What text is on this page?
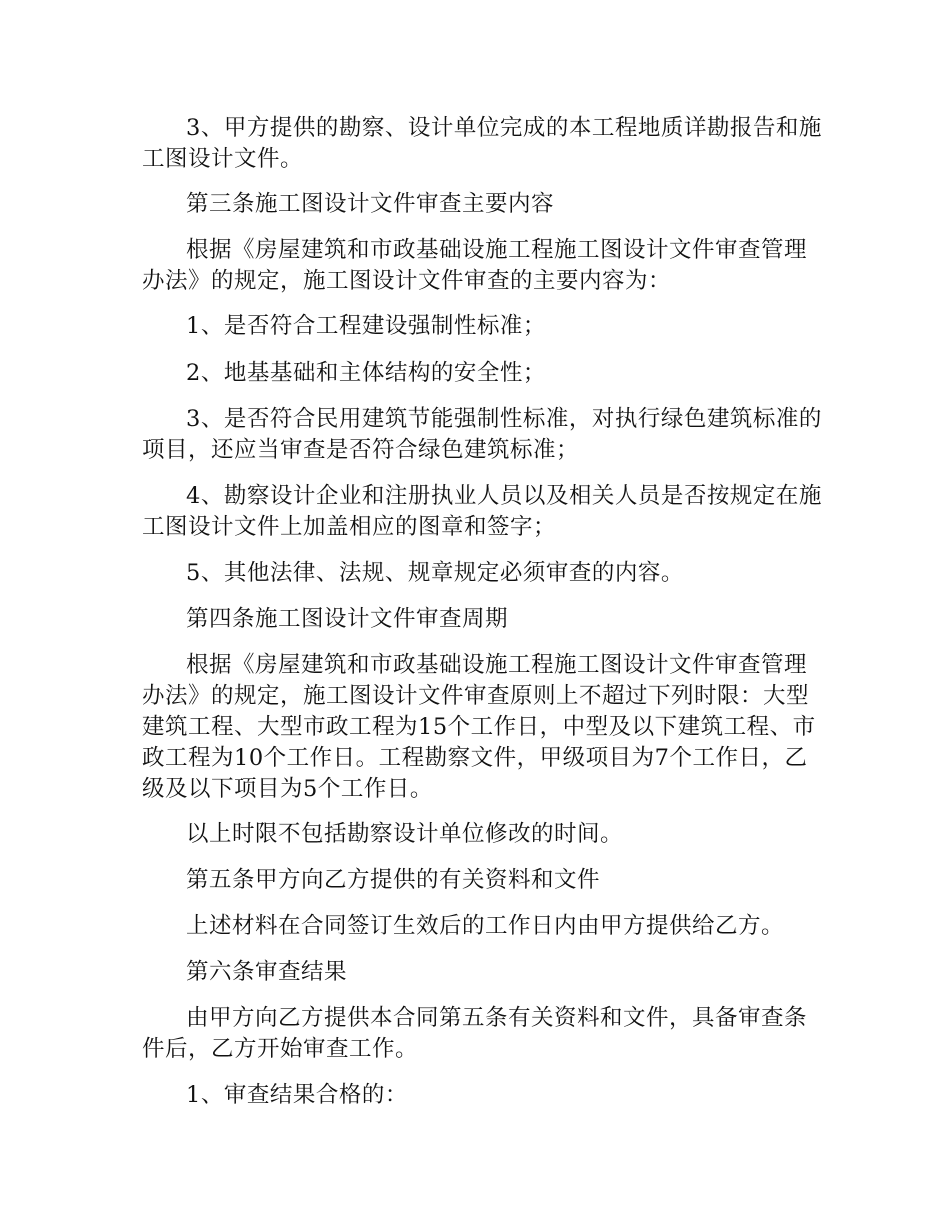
3、甲方提供的勘察、设计单位完成的本工程地质详勘报告和施工图设计文件。

第三条施工图设计文件审查主要内容

根据《房屋建筑和市政基础设施工程施工图设计文件审查管理办法》的规定，施工图设计文件审查的主要内容为：

1、是否符合工程建设强制性标准；

2、地基基础和主体结构的安全性；

3、是否符合民用建筑节能强制性标准，对执行绿色建筑标准的项目，还应当审查是否符合绿色建筑标准；

4、勘察设计企业和注册执业人员以及相关人员是否按规定在施工图设计文件上加盖相应的图章和签字；

5、其他法律、法规、规章规定必须审查的内容。

第四条施工图设计文件审查周期

根据《房屋建筑和市政基础设施工程施工图设计文件审查管理办法》的规定，施工图设计文件审查原则上不超过下列时限：大型建筑工程、大型市政工程为15个工作日，中型及以下建筑工程、市政工程为10个工作日。工程勘察文件，甲级项目为7个工作日，乙级及以下项目为5个工作日。

以上时限不包括勘察设计单位修改的时间。

第五条甲方向乙方提供的有关资料和文件

上述材料在合同签订生效后的工作日内由甲方提供给乙方。

第六条审查结果

由甲方向乙方提供本合同第五条有关资料和文件，具备审查条件后，乙方开始审查工作。

1、审查结果合格的：
